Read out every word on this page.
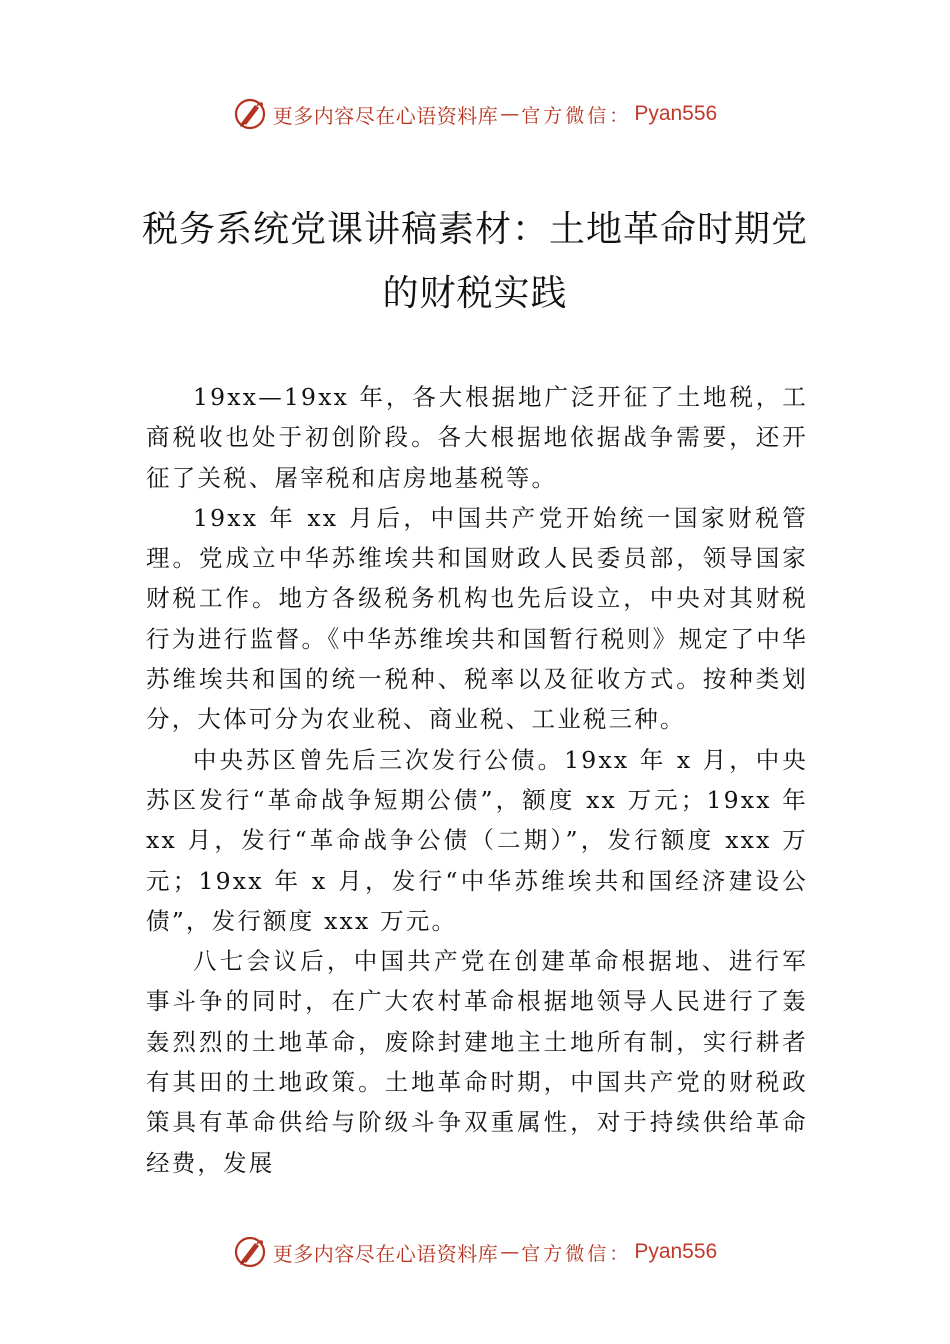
更多内容尽在心语资料库 — 官方微信 ： Pyan556
税务系统党课讲稿素材：土地革命时期党
的财税实践

19xx—19xx 年，各大根据地广泛开征了土地税，工商税收也处于初创阶段。各大根据地依据战争需要，还开征了关税、屠宰税和店房地基税等。

19xx 年 xx 月后，中国共产党开始统一国家财税管理。党成立中华苏维埃共和国财政人民委员部，领导国家财税工作。地方各级税务机构也先后设立，中央对其财税行为进行监督。《中华苏维埃共和国暂行税则》规定了中华苏维埃共和国的统一税种、税率以及征收方式。按种类划分，大体可分为农业税、商业税、工业税三种。

中央苏区曾先后三次发行公债。19xx 年 x 月，中央苏区发行“革命战争短期公债”，额度 xx 万元；19xx 年 xx 月，发行“革命战争公债（二期）”，发行额度 xxx 万元；19xx 年 x 月，发行“中华苏维埃共和国经济建设公债”，发行额度 xxx 万元。

八七会议后，中国共产党在创建革命根据地、进行军事斗争的同时，在广大农村革命根据地领导人民进行了轰轰烈烈的土地革命，废除封建地主土地所有制，实行耕者有其田的土地政策。土地革命时期，中国共产党的财税政策具有革命供给与阶级斗争双重属性，对于持续供给革命经费，发展

更多内容尽在心语资料库 — 官方微信 ： Pyan556
